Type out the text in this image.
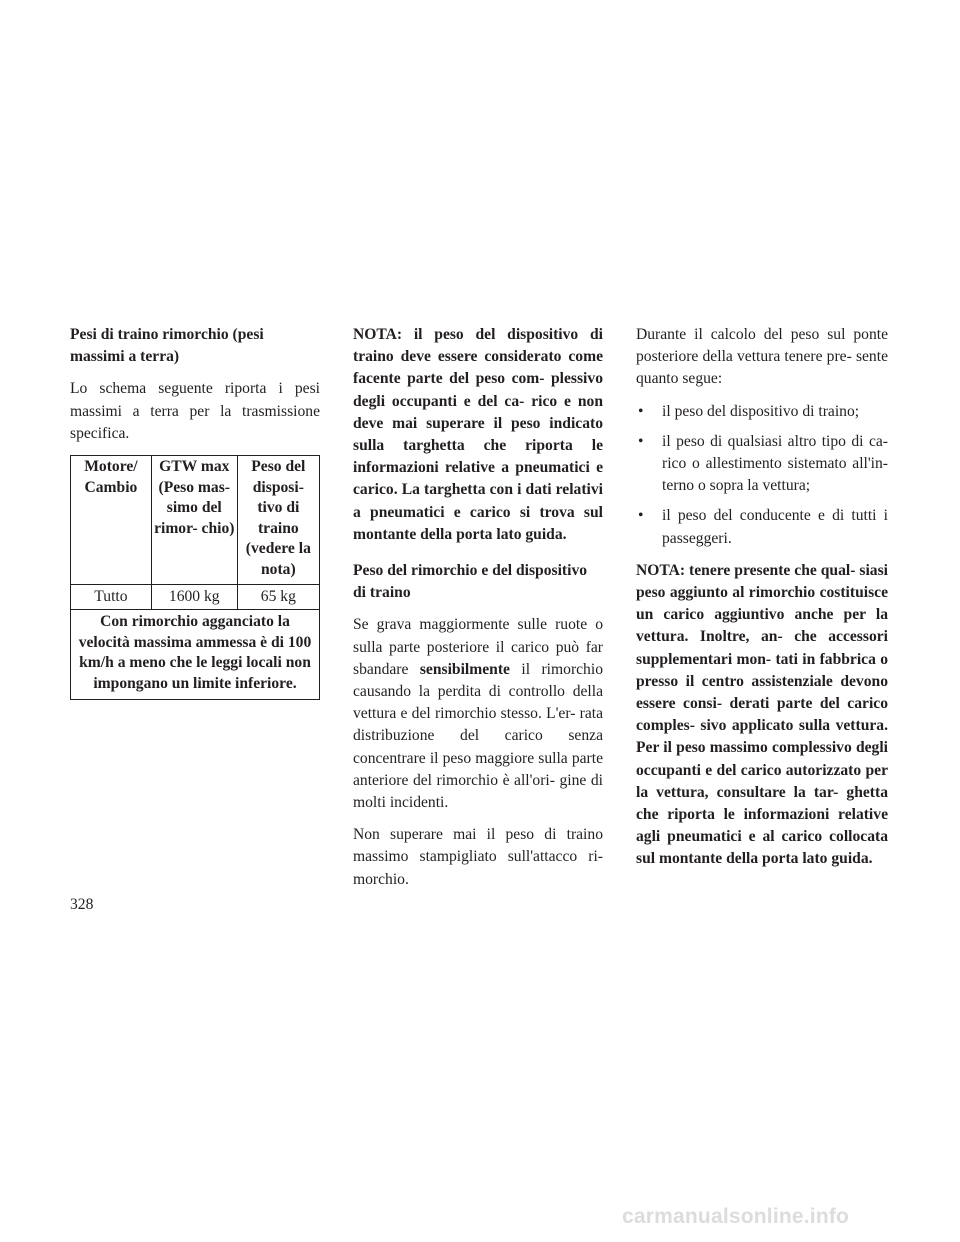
Pesi di traino rimorchio (pesi massimi a terra)

Lo schema seguente riporta i pesi massimi a terra per la trasmissione specifica.

Motore/ Cambio	GTW max (Peso mas- simo del rimor- chio)	Peso del disposi- tivo di traino (vedere la nota)
Tutto	1600 kg	65 kg
Con rimorchio agganciato la velocità massima ammessa è di 100 km/h a meno che le leggi locali non impongano un limite inferiore.		

NOTA: il peso del dispositivo di traino deve essere considerato come facente parte del peso com- plessivo degli occupanti e del ca- rico e non deve mai superare il peso indicato sulla targhetta che riporta le informazioni relative a pneumatici e carico. La targhetta con i dati relativi a pneumatici e carico si trova sul montante della porta lato guida.

Peso del rimorchio e del dispositivo di traino

Se grava maggiormente sulle ruote o sulla parte posteriore il carico può far sbandare sensibilmente il rimorchio causando la perdita di controllo della vettura e del rimorchio stesso. L'er- rata distribuzione del carico senza concentrare il peso maggiore sulla parte anteriore del rimorchio è all'ori- gine di molti incidenti.

Non superare mai il peso di traino massimo stampigliato sull'attacco ri- morchio.

Durante il calcolo del peso sul ponte posteriore della vettura tenere pre- sente quanto segue:

• il peso del dispositivo di traino;
• il peso di qualsiasi altro tipo di ca- rico o allestimento sistemato all'in- terno o sopra la vettura;
• il peso del conducente e di tutti i passeggeri.

NOTA: tenere presente che qual- siasi peso aggiunto al rimorchio costituisce un carico aggiuntivo anche per la vettura. Inoltre, an- che accessori supplementari mon- tati in fabbrica o presso il centro assistenziale devono essere consi- derati parte del carico comples- sivo applicato sulla vettura. Per il peso massimo complessivo degli occupanti e del carico autorizzato per la vettura, consultare la tar- ghetta che riporta le informazioni relative agli pneumatici e al carico collocata sul montante della porta lato guida.

328
carmanualsonline.info
